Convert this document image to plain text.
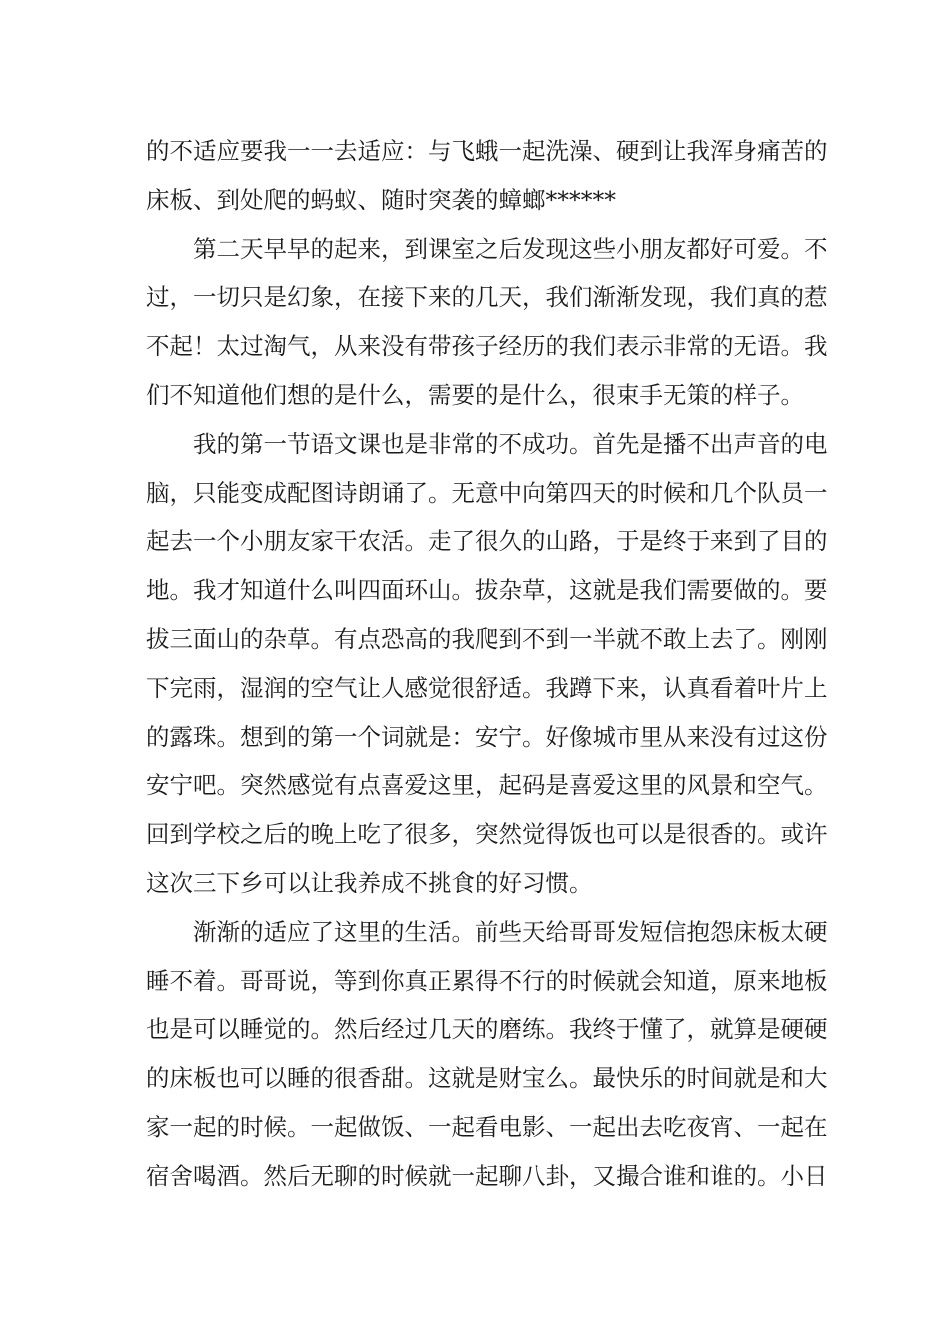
的不适应要我一一去适应：与飞蛾一起洗澡、硬到让我浑身痛苦的
床板、到处爬的蚂蚁、随时突袭的蟑螂******
第二天早早的起来，到课室之后发现这些小朋友都好可爱。不
过，一切只是幻象，在接下来的几天，我们渐渐发现，我们真的惹
不起！太过淘气，从来没有带孩子经历的我们表示非常的无语。我
们不知道他们想的是什么，需要的是什么，很束手无策的样子。
我的第一节语文课也是非常的不成功。首先是播不出声音的电
脑，只能变成配图诗朗诵了。无意中向第四天的时候和几个队员一
起去一个小朋友家干农活。走了很久的山路，于是终于来到了目的
地。我才知道什么叫四面环山。拔杂草，这就是我们需要做的。要
拔三面山的杂草。有点恐高的我爬到不到一半就不敢上去了。刚刚
下完雨，湿润的空气让人感觉很舒适。我蹲下来，认真看着叶片上
的露珠。想到的第一个词就是：安宁。好像城市里从来没有过这份
安宁吧。突然感觉有点喜爱这里，起码是喜爱这里的风景和空气。
回到学校之后的晚上吃了很多，突然觉得饭也可以是很香的。或许
这次三下乡可以让我养成不挑食的好习惯。
渐渐的适应了这里的生活。前些天给哥哥发短信抱怨床板太硬
睡不着。哥哥说，等到你真正累得不行的时候就会知道，原来地板
也是可以睡觉的。然后经过几天的磨练。我终于懂了，就算是硬硬
的床板也可以睡的很香甜。这就是财宝么。最快乐的时间就是和大
家一起的时候。一起做饭、一起看电影、一起出去吃夜宵、一起在
宿舍喝酒。然后无聊的时候就一起聊八卦，又撮合谁和谁的。小日
